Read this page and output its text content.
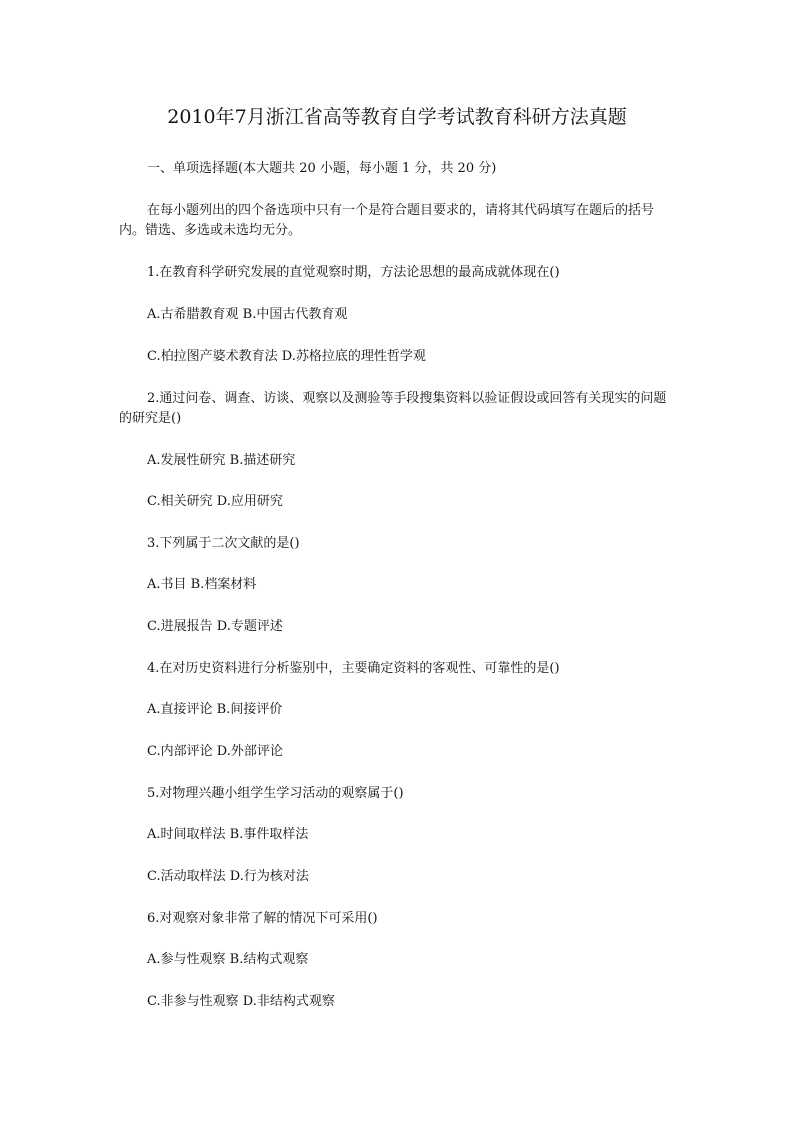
2010年7月浙江省高等教育自学考试教育科研方法真题
一、单项选择题(本大题共 20 小题，每小题 1 分，共 20 分)
在每小题列出的四个备选项中只有一个是符合题目要求的，请将其代码填写在题后的括号内。错选、多选或未选均无分。
1.在教育科学研究发展的直觉观察时期，方法论思想的最高成就体现在()
A.古希腊教育观 B.中国古代教育观
C.柏拉图产婆术教育法 D.苏格拉底的理性哲学观
2.通过问卷、调查、访谈、观察以及测验等手段搜集资料以验证假设或回答有关现实的问题的研究是()
A.发展性研究 B.描述研究
C.相关研究 D.应用研究
3.下列属于二次文献的是()
A.书目 B.档案材料
C.进展报告 D.专题评述
4.在对历史资料进行分析鉴别中，主要确定资料的客观性、可靠性的是()
A.直接评论 B.间接评价
C.内部评论 D.外部评论
5.对物理兴趣小组学生学习活动的观察属于()
A.时间取样法 B.事件取样法
C.活动取样法 D.行为核对法
6.对观察对象非常了解的情况下可采用()
A.参与性观察 B.结构式观察
C.非参与性观察 D.非结构式观察
